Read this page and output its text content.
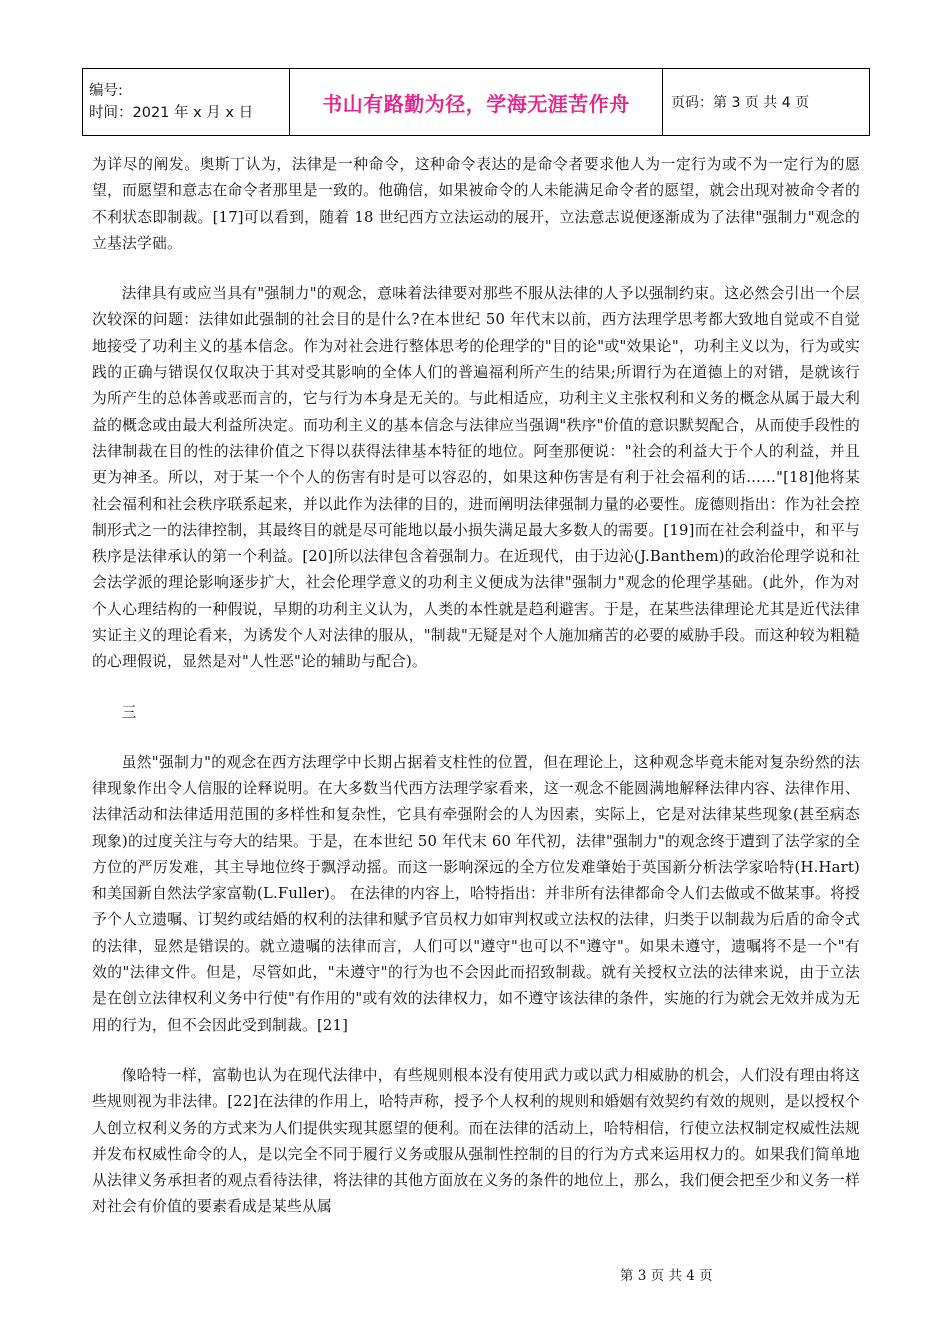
编号:
时间：2021 年 x 月 x 日	书山有路勤为径，学海无涯苦作舟	页码：第 3 页 共 4 页

为详尽的阐发。奥斯丁认为，法律是一种命令，这种命令表达的是命令者要求他人为一定行为或不为一定行为的愿望，而愿望和意志在命令者那里是一致的。他确信，如果被命令的人未能满足命令者的愿望，就会出现对被命令者的不利状态即制裁。[17]可以看到，随着 18 世纪西方立法运动的展开，立法意志说便逐渐成为了法律"强制力"观念的立基法学础。

法律具有或应当具有"强制力"的观念，意味着法律要对那些不服从法律的人予以强制约束。这必然会引出一个层次较深的问题：法律如此强制的社会目的是什么?在本世纪 50 年代末以前，西方法理学思考都大致地自觉或不自觉地接受了功利主义的基本信念。作为对社会进行整体思考的伦理学的"目的论"或"效果论"，功利主义以为，行为或实践的正确与错误仅仅取决于其对受其影响的全体人们的普遍福利所产生的结果;所谓行为在道德上的对错，是就该行为所产生的总体善或恶而言的，它与行为本身是无关的。与此相适应，功利主义主张权利和义务的概念从属于最大利益的概念或由最大利益所决定。而功利主义的基本信念与法律应当强调"秩序"价值的意识默契配合，从而使手段性的法律制裁在目的性的法律价值之下得以获得法律基本特征的地位。阿奎那便说："社会的利益大于个人的利益，并且更为神圣。所以，对于某一个个人的伤害有时是可以容忍的，如果这种伤害是有利于社会福利的话……"[18]他将某社会福利和社会秩序联系起来，并以此作为法律的目的，进而阐明法律强制力量的必要性。庞德则指出：作为社会控制形式之一的法律控制，其最终目的就是尽可能地以最小损失满足最大多数人的需要。[19]而在社会利益中，和平与秩序是法律承认的第一个利益。[20]所以法律包含着强制力。在近现代，由于边沁(J.Banthem)的政治伦理学说和社会法学派的理论影响逐步扩大，社会伦理学意义的功利主义便成为法律"强制力"观念的伦理学基础。(此外，作为对个人心理结构的一种假说，早期的功利主义认为，人类的本性就是趋利避害。于是，在某些法律理论尤其是近代法律实证主义的理论看来，为诱发个人对法律的服从，"制裁"无疑是对个人施加痛苦的必要的威胁手段。而这种较为粗糙的心理假说，显然是对"人性恶"论的辅助与配合)。

三

虽然"强制力"的观念在西方法理学中长期占据着支柱性的位置，但在理论上，这种观念毕竟未能对复杂纷然的法律现象作出令人信服的诠释说明。在大多数当代西方法理学家看来，这一观念不能圆满地解释法律内容、法律作用、法律活动和法律适用范围的多样性和复杂性，它具有牵强附会的人为因素，实际上，它是对法律某些现象(甚至病态现象)的过度关注与夸大的结果。于是，在本世纪 50 年代末 60 年代初，法律"强制力"的观念终于遭到了法学家的全方位的严厉发难，其主导地位终于飘浮动摇。而这一影响深远的全方位发难肇始于英国新分析法学家哈特(H.Hart)和美国新自然法学家富勒(L.Fuller)。 在法律的内容上，哈特指出：并非所有法律都命令人们去做或不做某事。将授予个人立遗嘱、订契约或结婚的权利的法律和赋予官员权力如审判权或立法权的法律，归类于以制裁为后盾的命令式的法律，显然是错误的。就立遗嘱的法律而言，人们可以"遵守"也可以不"遵守"。如果未遵守，遗嘱将不是一个"有效的"法律文件。但是，尽管如此，"未遵守"的行为也不会因此而招致制裁。就有关授权立法的法律来说，由于立法是在创立法律权利义务中行使"有作用的"或有效的法律权力，如不遵守该法律的条件，实施的行为就会无效并成为无用的行为，但不会因此受到制裁。[21]

像哈特一样，富勒也认为在现代法律中，有些规则根本没有使用武力或以武力相威胁的机会，人们没有理由将这些规则视为非法律。[22]在法律的作用上，哈特声称，授予个人权利的规则和婚姻有效契约有效的规则，是以授权个人创立权利义务的方式来为人们提供实现其愿望的便利。而在法律的活动上，哈特相信，行使立法权制定权威性法规并发布权威性命令的人，是以完全不同于履行义务或服从强制性控制的目的行为方式来运用权力的。如果我们简单地从法律义务承担者的观点看待法律，将法律的其他方面放在义务的条件的地位上，那么，我们便会把至少和义务一样对社会有价值的要素看成是某些从属

第 3 页 共 4 页
